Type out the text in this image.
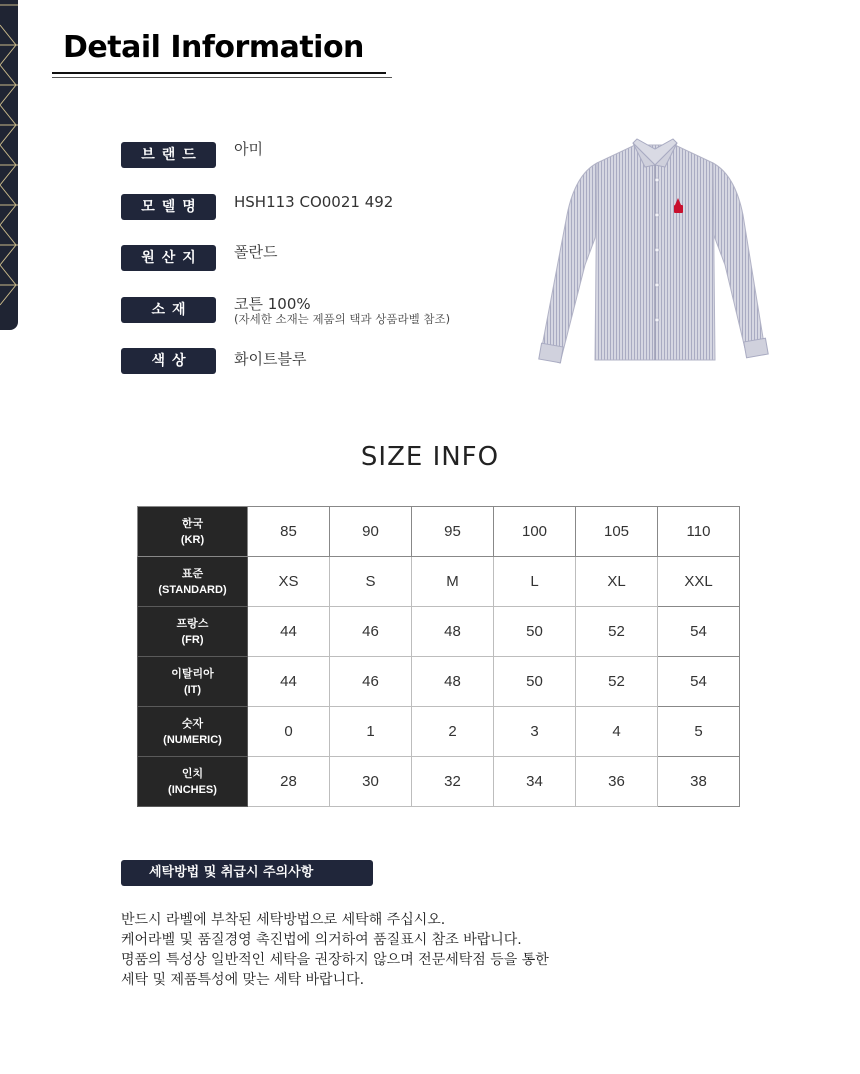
Detail Information
브랜드	아미
모델명	HSH113 CO0021 492
원산지	폴란드
소재	코튼 100%
(자세한 소재는 제품의 택과 상품라벨 참조)
색상	화이트블루
SIZE INFO
한국
(KR)	85	90	95	100	105	110

표준
(STANDARD)	XS	S	M	L	XL	XXL

프랑스
(FR)	44	46	48	50	52	54

이탈리아
(IT)	44	46	48	50	52	54

숫자
(NUMERIC)	0	1	2	3	4	5

인치
(INCHES)	28	30	32	34	36	38
세탁방법 및 취급시 주의사항
반드시 라벨에 부착된 세탁방법으로 세탁해 주십시오.
케어라벨 및 품질경영 촉진법에 의거하여 품질표시 참조 바랍니다.
명품의 특성상 일반적인 세탁을 권장하지 않으며 전문세탁점 등을 통한
세탁 및 제품특성에 맞는 세탁 바랍니다.
